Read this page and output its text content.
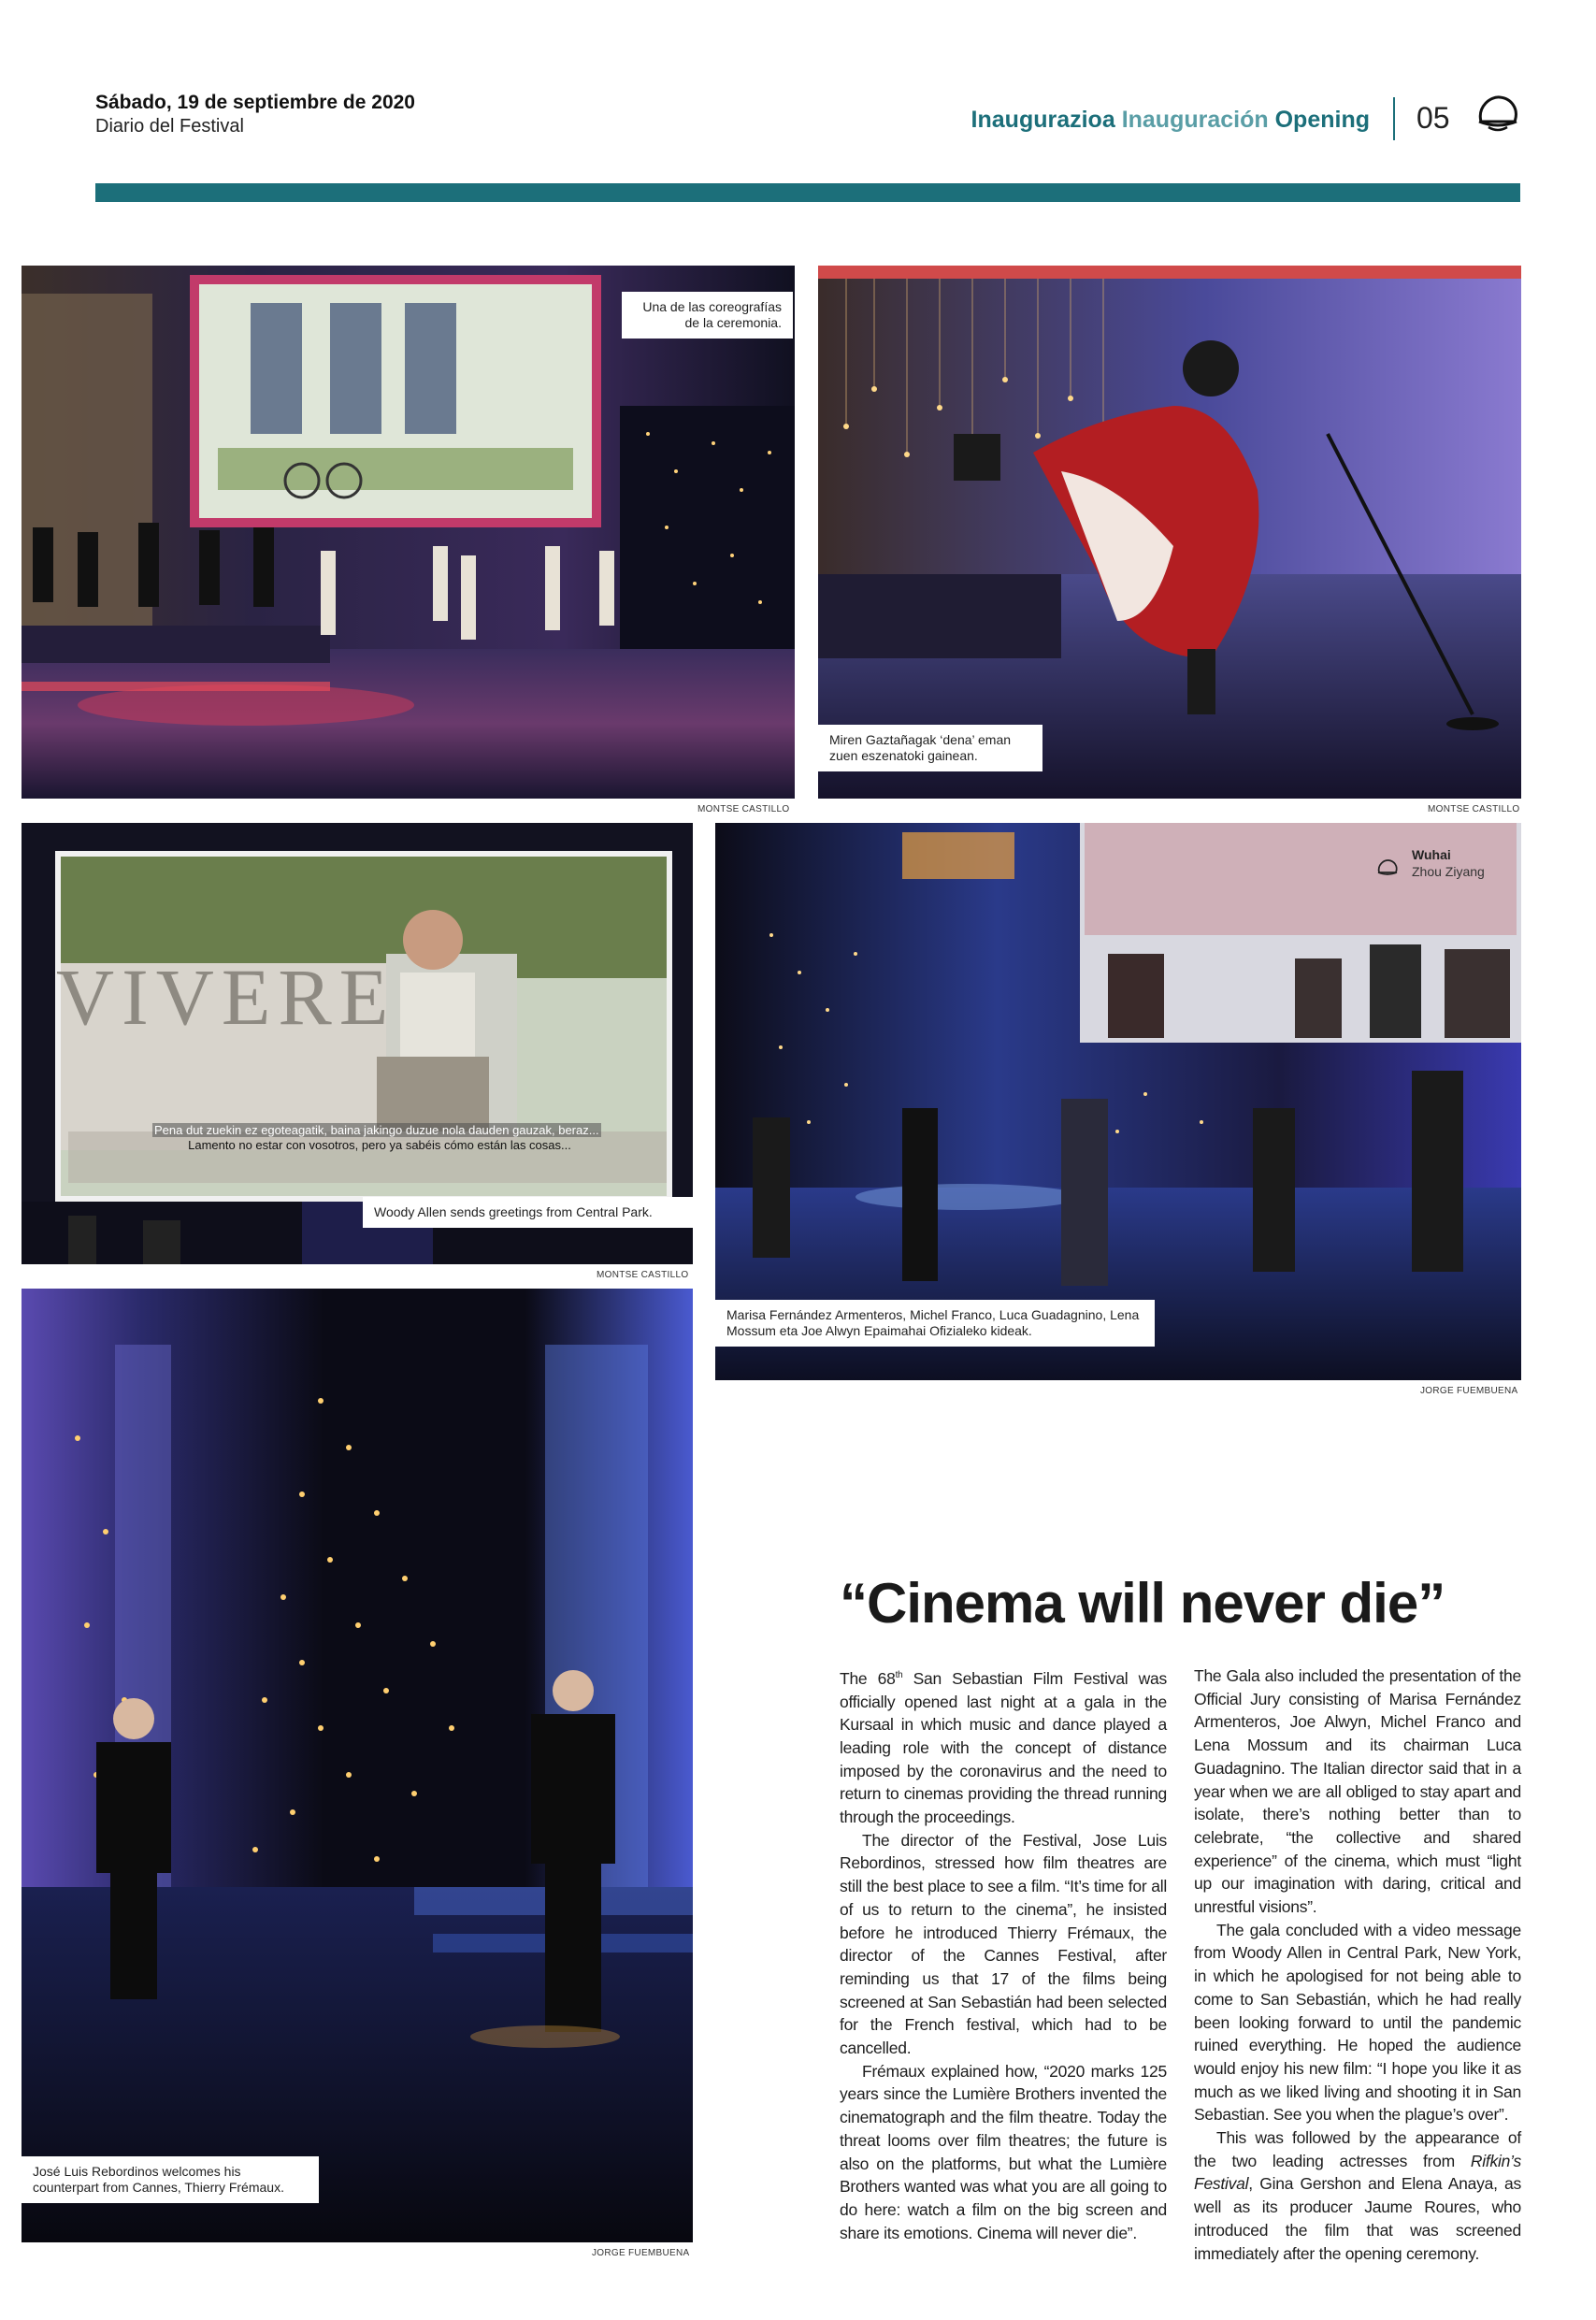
Sábado, 19 de septiembre de 2020
Diario del Festival	Inaugurazioa Inauguración Opening 05
Una de las coreografías de la ceremonia.
MONTSE CASTILLO
Miren Gaztañagak ‘dena’ eman zuen eszenatoki gainean.
MONTSE CASTILLO
VIVERE
Pena dut zuekin ez egoteagatik, baina jakingo duzue nola dauden gauzak, beraz...
Lamento no estar con vosotros, pero ya sabéis cómo están las cosas...
Woody Allen sends greetings from Central Park.
MONTSE CASTILLO
Wuhai
Zhou Ziyang
Marisa Fernández Armenteros, Michel Franco, Luca Guadagnino, Lena Mossum eta Joe Alwyn Epaimahai Ofizialeko kideak.
JORGE FUEMBUENA
José Luis Rebordinos welcomes his counterpart from Cannes, Thierry Frémaux.
JORGE FUEMBUENA
“Cinema will never die”

The 68th San Sebastian Film Festival was officially opened last night at a gala in the Kursaal in which music and dance played a leading role with the concept of distance imposed by the coronavirus and the need to return to cinemas providing the thread running through the proceedings.

The director of the Festival, Jose Luis Rebordinos, stressed how film theatres are still the best place to see a film. “It’s time for all of us to return to the cinema”, he insisted before he introduced Thierry Frémaux, the director of the Cannes Festival, after reminding us that 17 of the films being screened at San Sebastián had been selected for the French festival, which had to be cancelled.

Frémaux explained how, “2020 marks 125 years since the Lumière Brothers invented the cinematograph and the film theatre. Today the threat looms over film theatres; the future is also on the platforms, but what the Lumière Brothers wanted was what you are all going to do here: watch a film on the big screen and share its emotions. Cinema will never die”.

The Gala also included the presentation of the Official Jury consisting of Marisa Fernández Armenteros, Joe Alwyn, Michel Franco and Lena Mossum and its chairman Luca Guadagnino. The Italian director said that in a year when we are all obliged to stay apart and isolate, there’s nothing better than to celebrate, “the collective and shared experience” of the cinema, which must “light up our imagination with daring, critical and unrestful visions”.

The gala concluded with a video message from Woody Allen in Central Park, New York, in which he apologised for not being able to come to San Sebastián, which he had really been looking forward to until the pandemic ruined everything. He hoped the audience would enjoy his new film: “I hope you like it as much as we liked living and shooting it in San Sebastian. See you when the plague’s over”.

This was followed by the appearance of the two leading actresses from Rifkin’s Festival, Gina Gershon and Elena Anaya, as well as its producer Jaume Roures, who introduced the film that was screened immediately after the opening ceremony.
